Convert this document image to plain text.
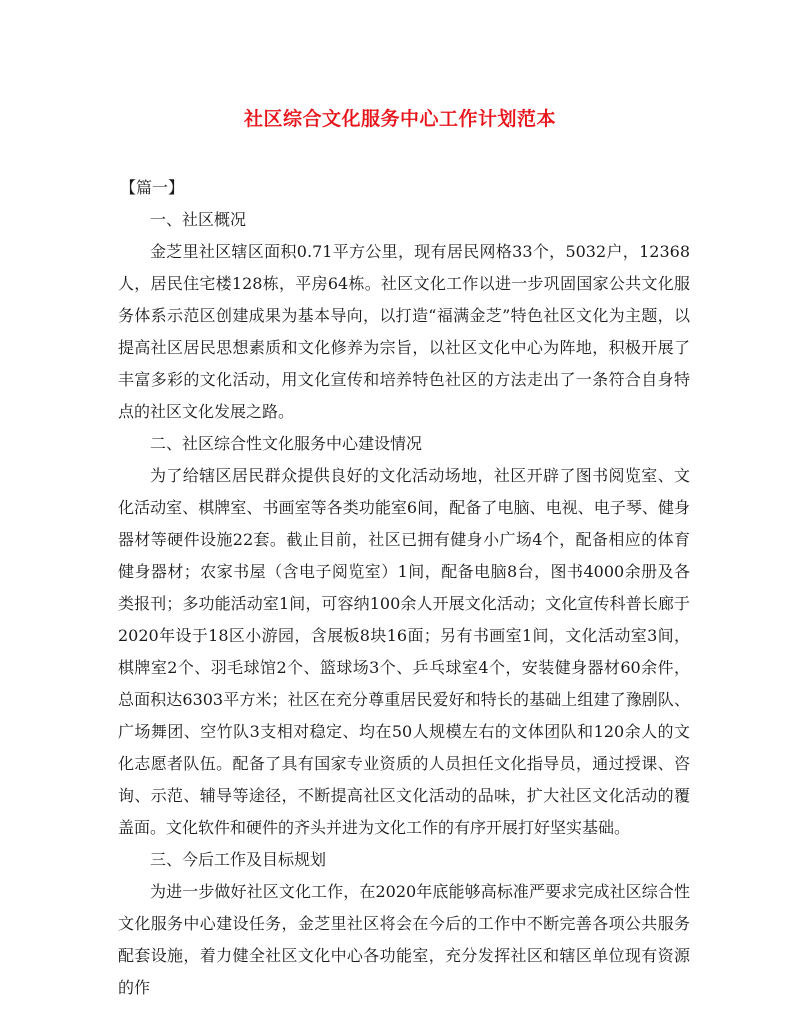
社区综合文化服务中心工作计划范本

【篇一】

一、社区概况

金芝里社区辖区面积0.71平方公里，现有居民网格33个，5032户，12368人，居民住宅楼128栋，平房64栋。社区文化工作以进一步巩固国家公共文化服务体系示范区创建成果为基本导向，以打造“福满金芝”特色社区文化为主题，以提高社区居民思想素质和文化修养为宗旨，以社区文化中心为阵地，积极开展了丰富多彩的文化活动，用文化宣传和培养特色社区的方法走出了一条符合自身特点的社区文化发展之路。

二、社区综合性文化服务中心建设情况

为了给辖区居民群众提供良好的文化活动场地，社区开辟了图书阅览室、文化活动室、棋牌室、书画室等各类功能室6间，配备了电脑、电视、电子琴、健身器材等硬件设施22套。截止目前，社区已拥有健身小广场4个，配备相应的体育健身器材；农家书屋（含电子阅览室）1间，配备电脑8台，图书4000余册及各类报刊；多功能活动室1间，可容纳100余人开展文化活动；文化宣传科普长廊于2020年设于18区小游园，含展板8块16面；另有书画室1间，文化活动室3间，棋牌室2个、羽毛球馆2个、篮球场3个、乒乓球室4个，安装健身器材60余件，总面积达6303平方米；社区在充分尊重居民爱好和特长的基础上组建了豫剧队、广场舞团、空竹队3支相对稳定、均在50人规模左右的文体团队和120余人的文化志愿者队伍。配备了具有国家专业资质的人员担任文化指导员，通过授课、咨询、示范、辅导等途径，不断提高社区文化活动的品味，扩大社区文化活动的覆盖面。文化软件和硬件的齐头并进为文化工作的有序开展打好坚实基础。

三、今后工作及目标规划

为进一步做好社区文化工作，在2020年底能够高标准严要求完成社区综合性文化服务中心建设任务，金芝里社区将会在今后的工作中不断完善各项公共服务配套设施，着力健全社区文化中心各功能室，充分发挥社区和辖区单位现有资源的作
